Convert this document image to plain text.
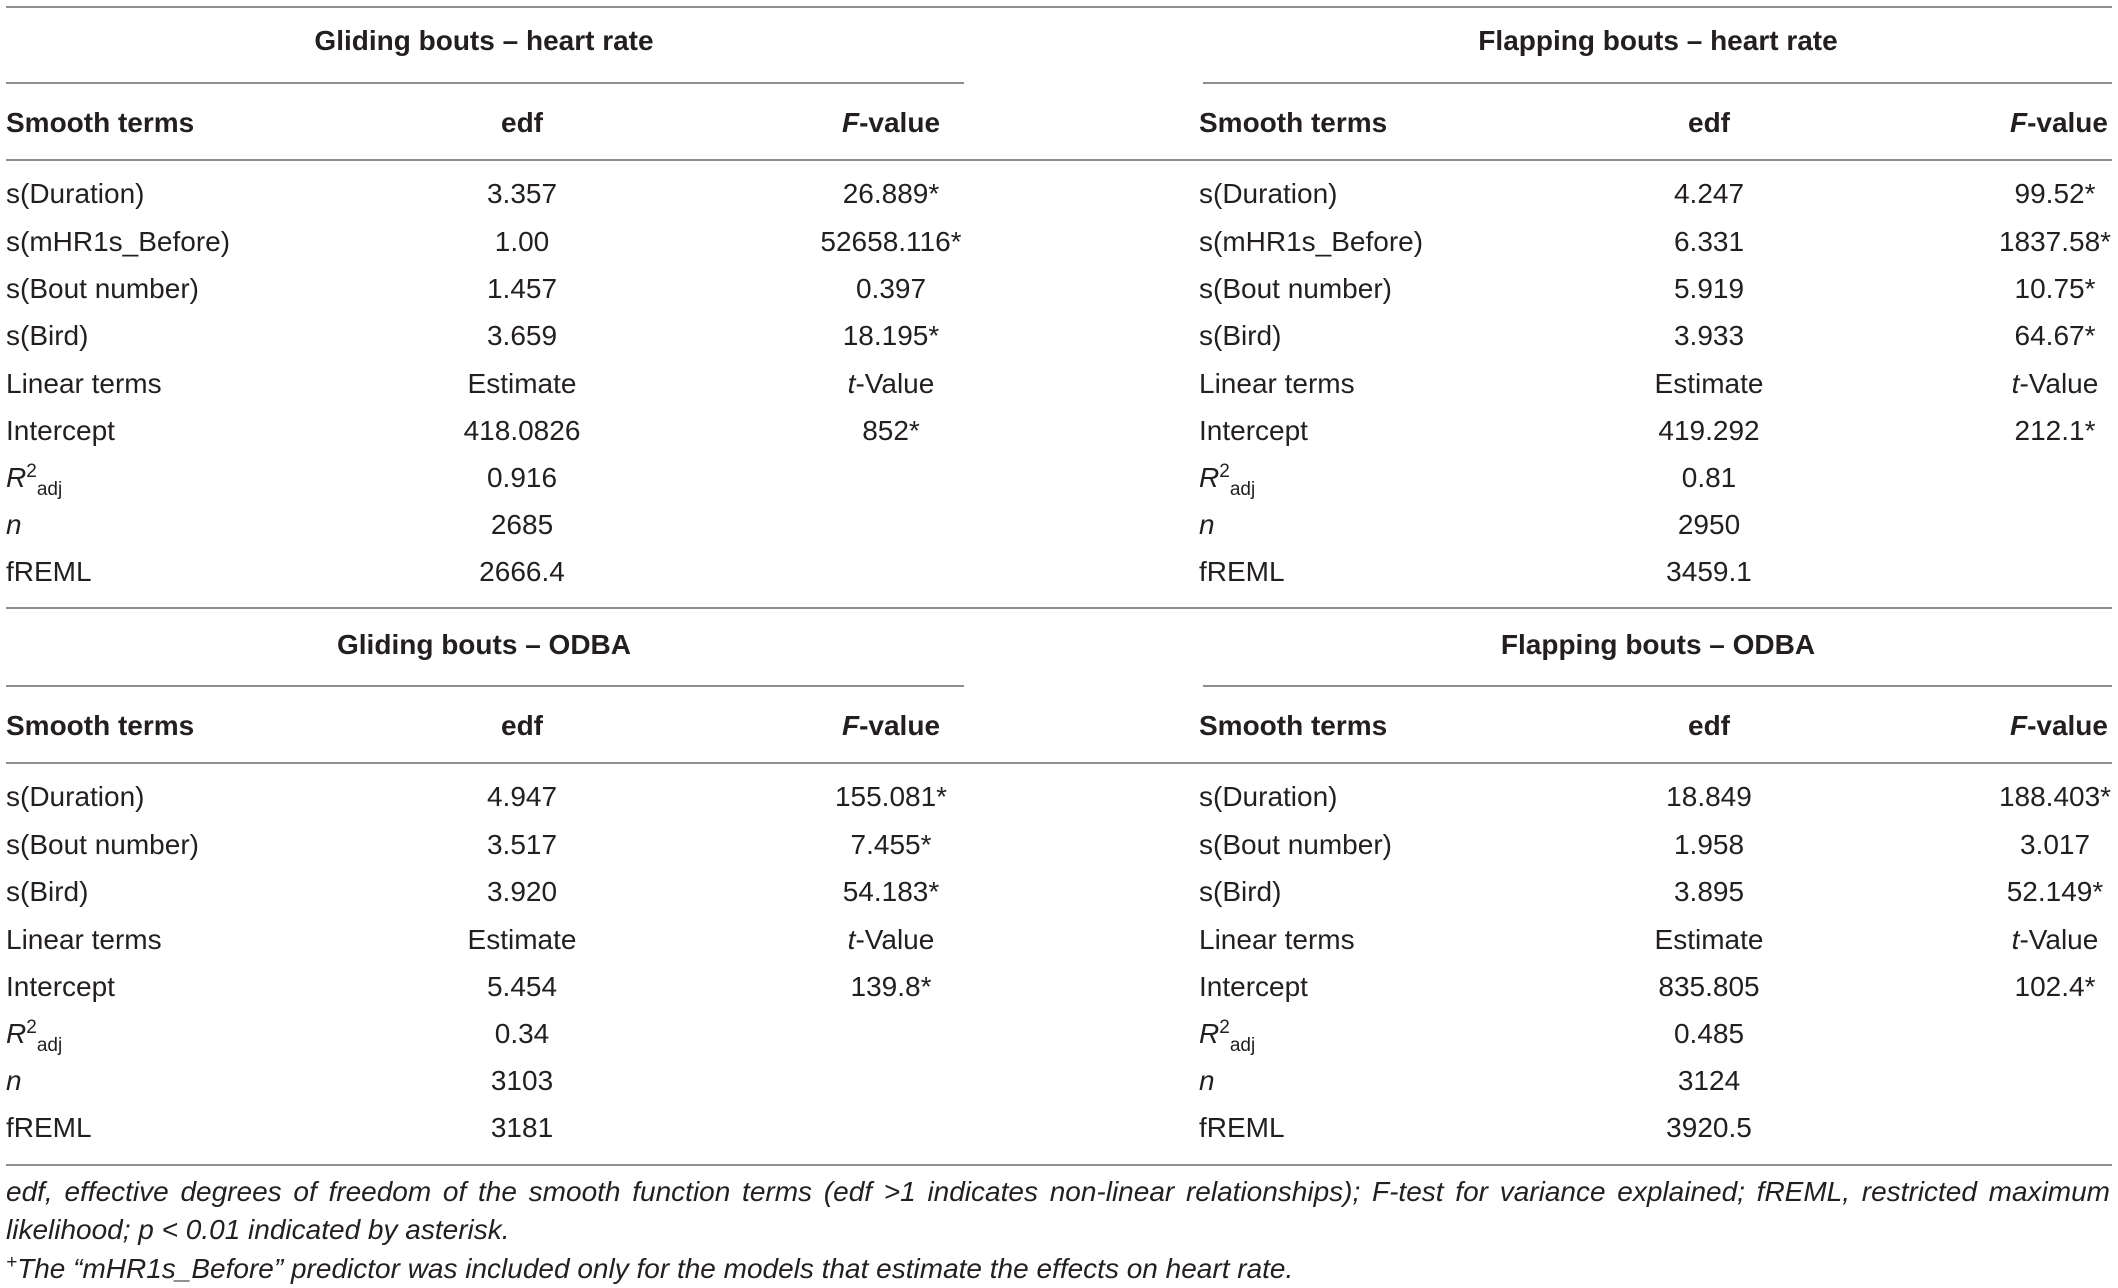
Gliding bouts – heart rate
Smooth terms	edf	F-value
s(Duration)	3.357	26.889*
s(mHR1s_Before)	1.00	52658.116*
s(Bout number)	1.457	0.397
s(Bird)	3.659	18.195*
Linear terms	Estimate	t-Value
Intercept	418.0826	852*
$R^2_{adj}$	0.916
n	2685
fREML	2666.4
Flapping bouts – heart rate
Smooth terms	edf	F-value
s(Duration)	4.247	99.52*
s(mHR1s_Before)	6.331	1837.58*
s(Bout number)	5.919	10.75*
s(Bird)	3.933	64.67*
Linear terms	Estimate	t-Value
Intercept	419.292	212.1*
$R^2_{adj}$	0.81
n	2950
fREML	3459.1
Gliding bouts – ODBA
Smooth terms	edf	F-value
s(Duration)	4.947	155.081*
s(Bout number)	3.517	7.455*
s(Bird)	3.920	54.183*
Linear terms	Estimate	t-Value
Intercept	5.454	139.8*
$R^2_{adj}$	0.34
n	3103
fREML	3181
Flapping bouts – ODBA
Smooth terms	edf	F-value
s(Duration)	18.849	188.403*
s(Bout number)	1.958	3.017
s(Bird)	3.895	52.149*
Linear terms	Estimate	t-Value
Intercept	835.805	102.4*
$R^2_{adj}$	0.485
n	3124
fREML	3920.5
edf, effective degrees of freedom of the smooth function terms (edf >1 indicates non-linear relationships); F-test for variance explained; fREML, restricted maximum likelihood; p < 0.01 indicated by asterisk.
+The “mHR1s_Before” predictor was included only for the models that estimate the effects on heart rate.
